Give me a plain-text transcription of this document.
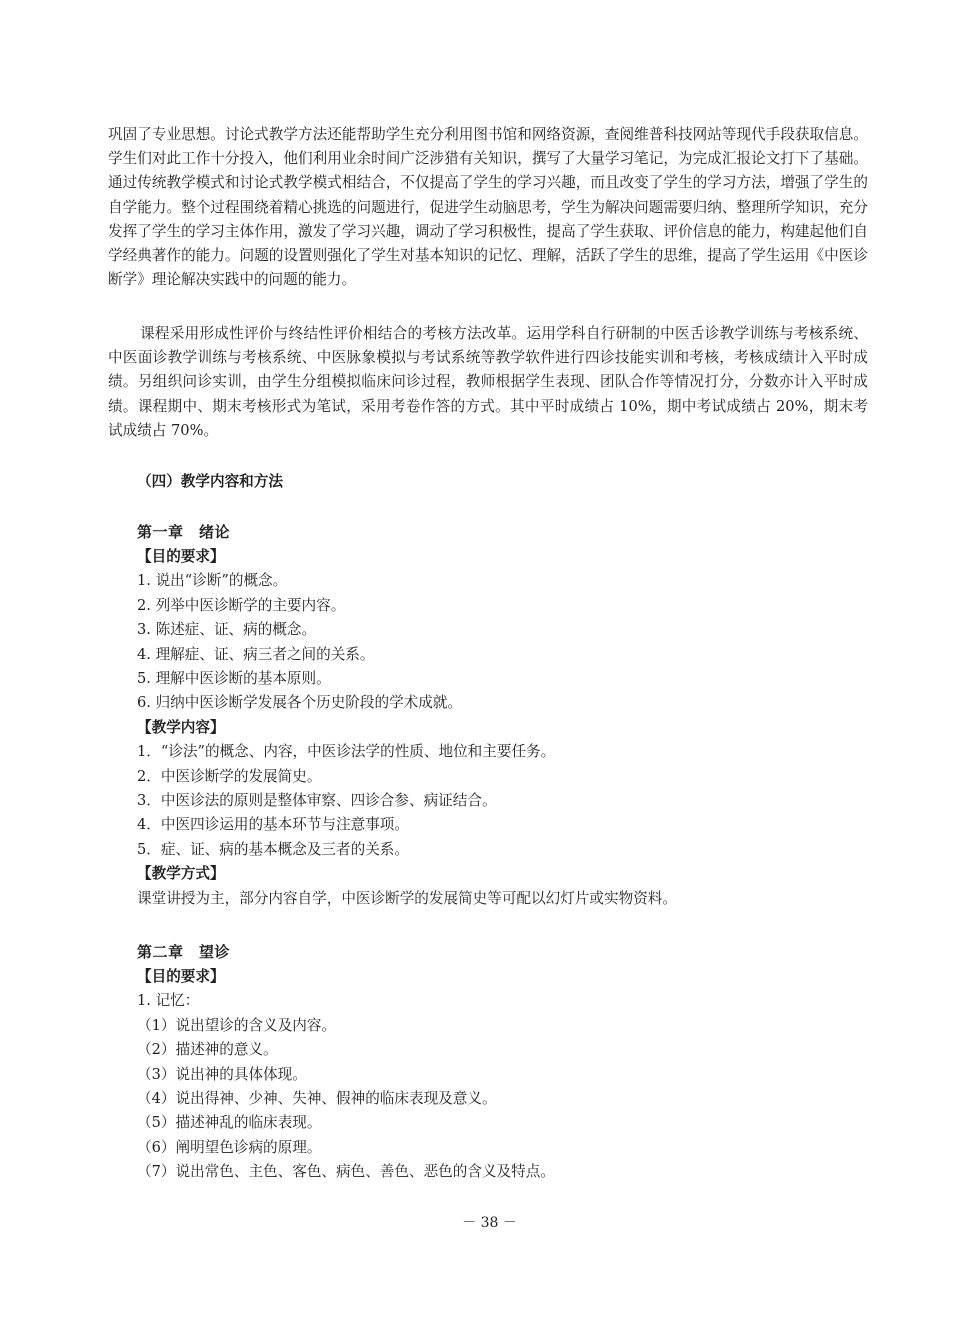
巩固了专业思想。讨论式教学方法还能帮助学生充分利用图书馆和网络资源，查阅维普科技网站等现代手段获取信息。学生们对此工作十分投入，他们利用业余时间广泛涉猎有关知识，撰写了大量学习笔记，为完成汇报论文打下了基础。通过传统教学模式和讨论式教学模式相结合，不仅提高了学生的学习兴趣，而且改变了学生的学习方法，增强了学生的自学能力。整个过程围绕着精心挑选的问题进行，促进学生动脑思考，学生为解决问题需要归纳、整理所学知识，充分发挥了学生的学习主体作用，激发了学习兴趣，调动了学习积极性，提高了学生获取、评价信息的能力，构建起他们自学经典著作的能力。问题的设置则强化了学生对基本知识的记忆、理解，活跃了学生的思维，提高了学生运用《中医诊断学》理论解决实践中的问题的能力。

课程采用形成性评价与终结性评价相结合的考核方法改革。运用学科自行研制的中医舌诊教学训练与考核系统、中医面诊教学训练与考核系统、中医脉象模拟与考试系统等教学软件进行四诊技能实训和考核，考核成绩计入平时成绩。另组织问诊实训，由学生分组模拟临床问诊过程，教师根据学生表现、团队合作等情况打分，分数亦计入平时成绩。课程期中、期末考核形式为笔试，采用考卷作答的方式。其中平时成绩占 10%，期中考试成绩占 20%，期末考试成绩占 70%。

（四）教学内容和方法

第一章　绪论

【目的要求】

1. 说出“诊断”的概念。

2. 列举中医诊断学的主要内容。

3. 陈述症、证、病的概念。

4. 理解症、证、病三者之间的关系。

5. 理解中医诊断的基本原则。

6. 归纳中医诊断学发展各个历史阶段的学术成就。

【教学内容】

1．“诊法”的概念、内容，中医诊法学的性质、地位和主要任务。

2．中医诊断学的发展简史。

3．中医诊法的原则是整体审察、四诊合参、病证结合。

4．中医四诊运用的基本环节与注意事项。

5．症、证、病的基本概念及三者的关系。

【教学方式】

课堂讲授为主，部分内容自学，中医诊断学的发展简史等可配以幻灯片或实物资料。

第二章　望诊

【目的要求】

1. 记忆：

（1）说出望诊的含义及内容。

（2）描述神的意义。

（3）说出神的具体体现。

（4）说出得神、少神、失神、假神的临床表现及意义。

（5）描述神乱的临床表现。

（6）阐明望色诊病的原理。

（7）说出常色、主色、客色、病色、善色、恶色的含义及特点。

－ 38 －
